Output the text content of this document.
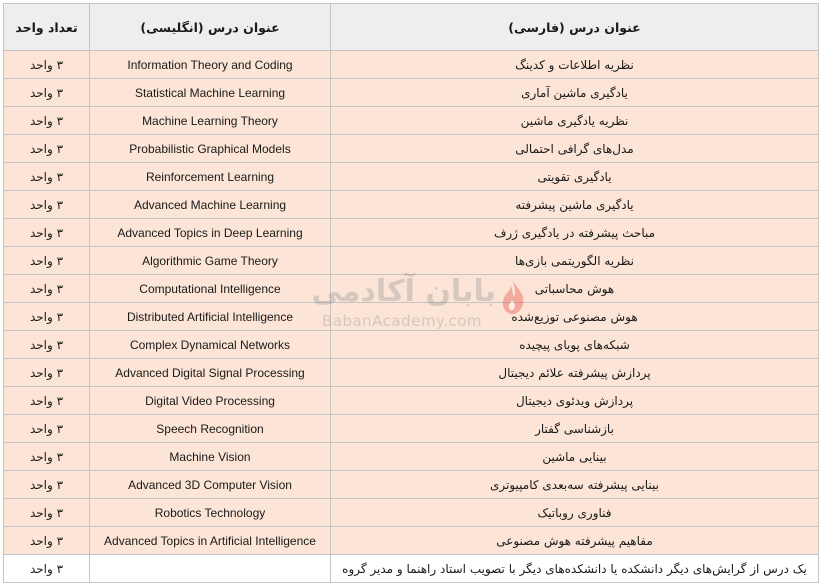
تعداد واحد	عنوان درس (انگلیسی)	عنوان درس (فارسی)
۳ واحد	Information Theory and Coding	نظریه اطلاعات و کدینگ
۳ واحد	Statistical Machine Learning	یادگیری ماشین آماری
۳ واحد	Machine Learning Theory	نظریه یادگیری ماشین
۳ واحد	Probabilistic Graphical Models	مدل‌های گرافی احتمالی
۳ واحد	Reinforcement Learning	یادگیری تقویتی
۳ واحد	Advanced Machine Learning	یادگیری ماشین پیشرفته
۳ واحد	Advanced Topics in Deep Learning	مباحث پیشرفته در یادگیری ژرف
۳ واحد	Algorithmic Game Theory	نظریه الگوریتمی بازی‌ها
۳ واحد	Computational Intelligence	هوش محاسباتی
۳ واحد	Distributed Artificial Intelligence	هوش مصنوعی توزیع‌شده
۳ واحد	Complex Dynamical Networks	شبکه‌های پویای پیچیده
۳ واحد	Advanced Digital Signal Processing	پردازش پیشرفته علائم دیجیتال
۳ واحد	Digital Video Processing	پردازش ویدئوی دیجیتال
۳ واحد	Speech Recognition	بازشناسی گفتار
۳ واحد	Machine Vision	بینایی ماشین
۳ واحد	Advanced 3D Computer Vision	بینایی پیشرفته سه‌بعدی کامپیوتری
۳ واحد	Robotics Technology	فناوری روباتیک
۳ واحد	Advanced Topics in Artificial Intelligence	مفاهیم پیشرفته هوش مصنوعی
۳ واحد		یک درس از گرایش‌های دیگر دانشکده یا دانشکده‌های دیگر با تصویب استاد راهنما و مدیر گروه
بابان آکادمی
BabanAcademy.com
